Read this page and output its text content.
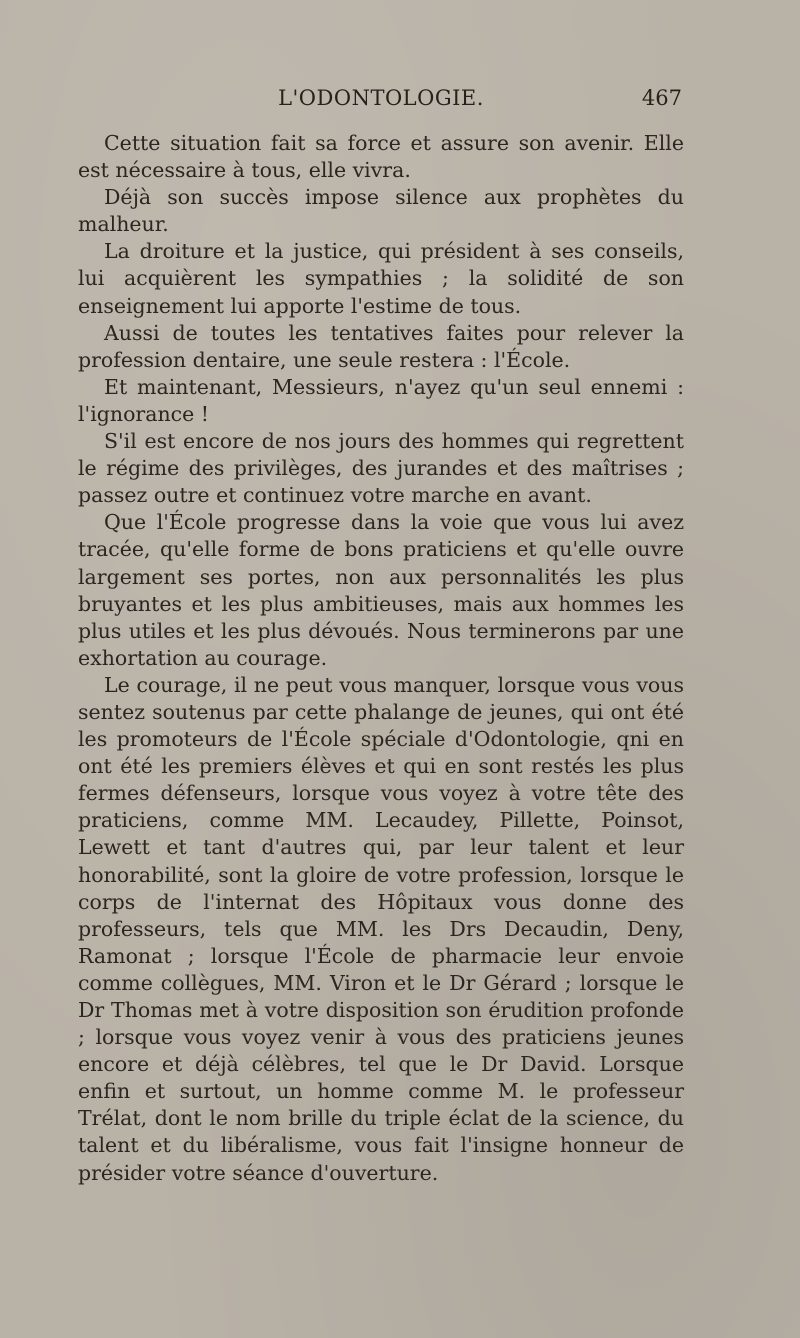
L'ODONTOLOGIE.	467

Cette situation fait sa force et assure son avenir. Elle est nécessaire à tous, elle vivra.

Déjà son succès impose silence aux prophètes du malheur.

La droiture et la justice, qui président à ses conseils, lui acquièrent les sympathies ; la solidité de son enseignement lui apporte l'estime de tous.

Aussi de toutes les tentatives faites pour relever la profession dentaire, une seule restera : l'École.

Et maintenant, Messieurs, n'ayez qu'un seul ennemi : l'ignorance !

S'il est encore de nos jours des hommes qui regrettent le régime des privilèges, des jurandes et des maîtrises ; passez outre et continuez votre marche en avant.

Que l'École progresse dans la voie que vous lui avez tracée, qu'elle forme de bons praticiens et qu'elle ouvre largement ses portes, non aux personnalités les plus bruyantes et les plus ambitieuses, mais aux hommes les plus utiles et les plus dévoués. Nous terminerons par une exhortation au courage.

Le courage, il ne peut vous manquer, lorsque vous vous sentez soutenus par cette phalange de jeunes, qui ont été les promoteurs de l'École spéciale d'Odontologie, qni en ont été les premiers élèves et qui en sont restés les plus fermes défenseurs, lorsque vous voyez à votre tête des praticiens, comme MM. Lecaudey, Pillette, Poinsot, Lewett et tant d'autres qui, par leur talent et leur honorabilité, sont la gloire de votre profession, lorsque le corps de l'internat des Hôpitaux vous donne des professeurs, tels que MM. les Drs Decaudin, Deny, Ramonat ; lorsque l'École de pharmacie leur envoie comme collègues, MM. Viron et le Dr Gérard ; lorsque le Dr Thomas met à votre disposition son érudition profonde ; lorsque vous voyez venir à vous des praticiens jeunes encore et déjà célèbres, tel que le Dr David. Lorsque enfin et surtout, un homme comme M. le professeur Trélat, dont le nom brille du triple éclat de la science, du talent et du libéralisme, vous fait l'insigne honneur de présider votre séance d'ouverture.
